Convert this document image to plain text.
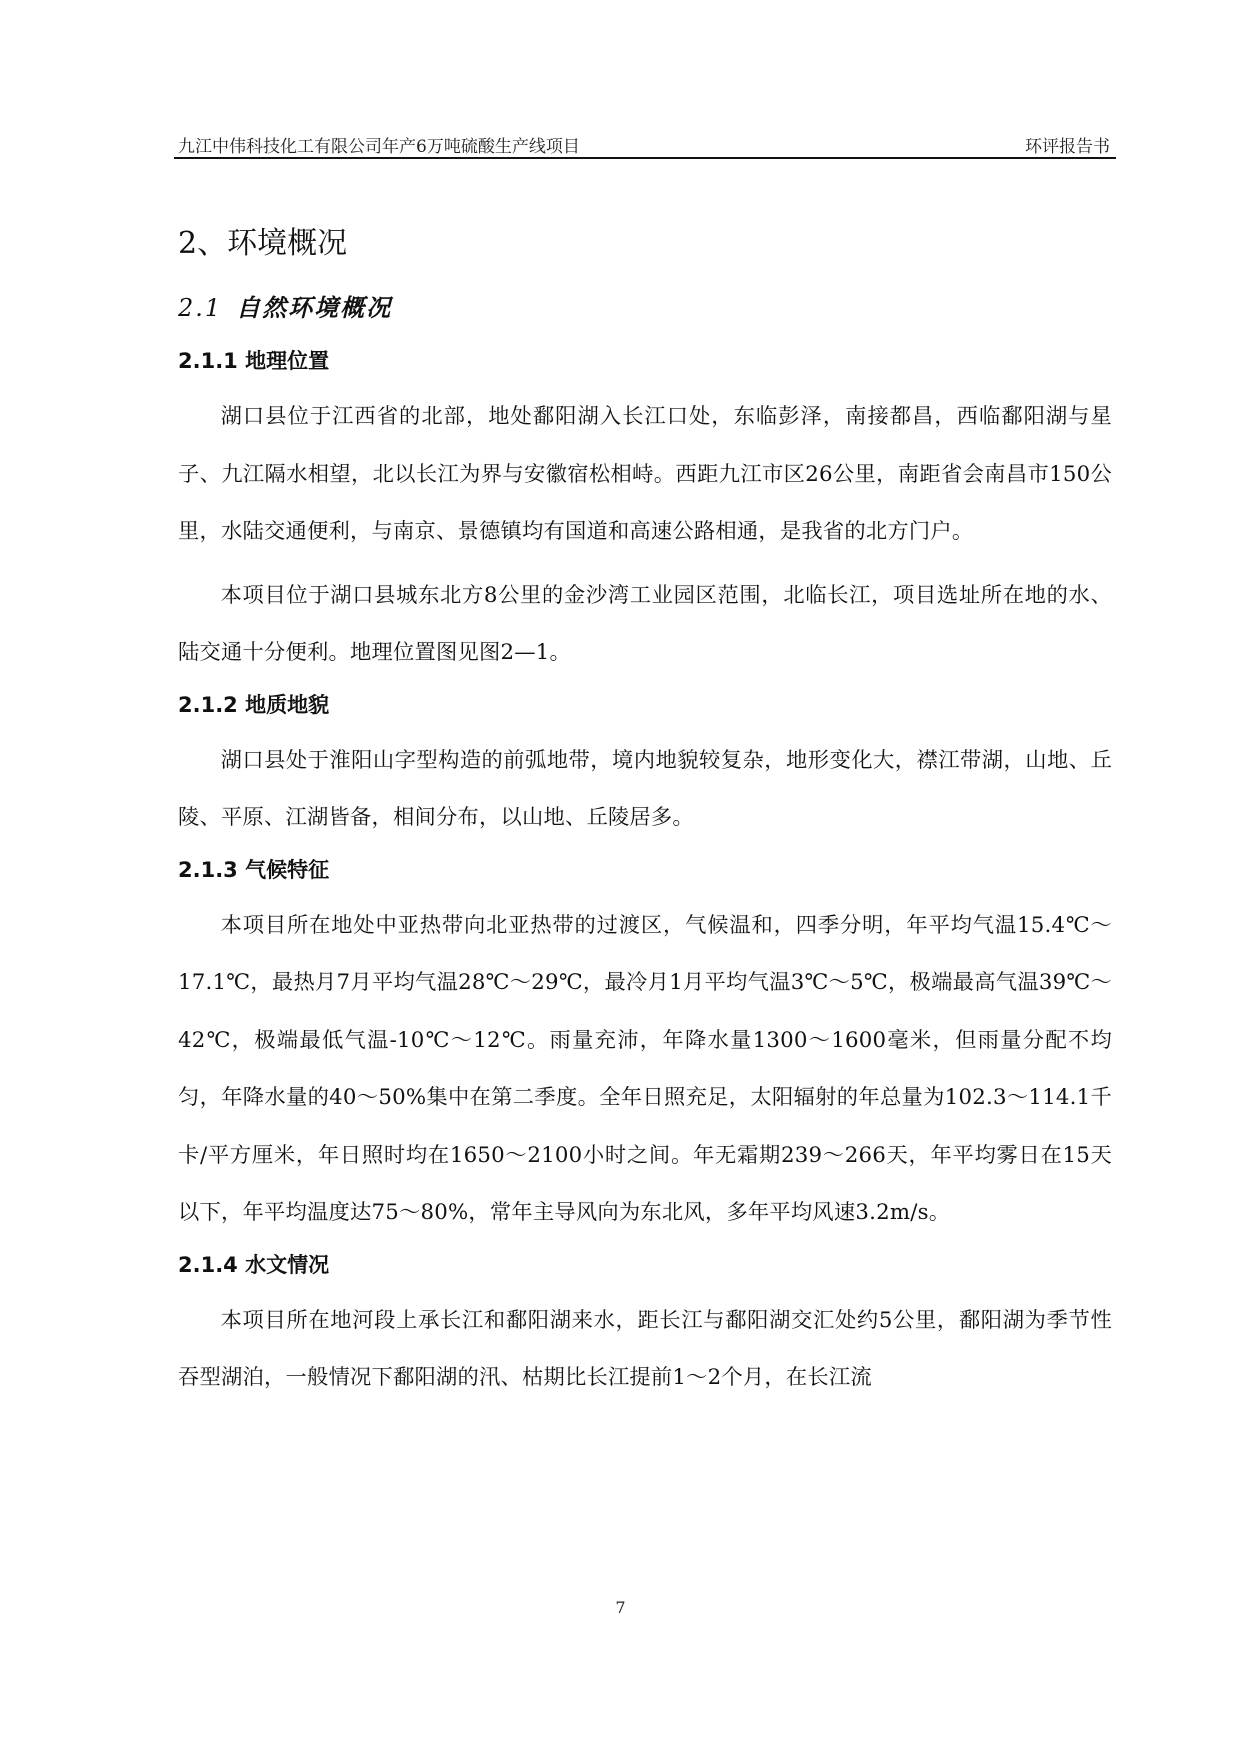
九江中伟科技化工有限公司年产6万吨硫酸生产线项目	环评报告书
2、环境概况
2.1 自然环境概况
2.1.1 地理位置

湖口县位于江西省的北部，地处鄱阳湖入长江口处，东临彭泽，南接都昌，西临鄱阳湖与星子、九江隔水相望，北以长江为界与安徽宿松相峙。西距九江市区26公里，南距省会南昌市150公里，水陆交通便利，与南京、景德镇均有国道和高速公路相通，是我省的北方门户。

本项目位于湖口县城东北方8公里的金沙湾工业园区范围，北临长江，项目选址所在地的水、陆交通十分便利。地理位置图见图2—1。

2.1.2 地质地貌

湖口县处于淮阳山字型构造的前弧地带，境内地貌较复杂，地形变化大，襟江带湖，山地、丘陵、平原、江湖皆备，相间分布，以山地、丘陵居多。

2.1.3 气候特征

本项目所在地处中亚热带向北亚热带的过渡区，气候温和，四季分明，年平均气温15.4℃～17.1℃，最热月7月平均气温28℃～29℃，最冷月1月平均气温3℃～5℃，极端最高气温39℃～42℃，极端最低气温-10℃～12℃。雨量充沛，年降水量1300～1600毫米，但雨量分配不均匀，年降水量的40～50%集中在第二季度。全年日照充足，太阳辐射的年总量为102.3～114.1千卡/平方厘米，年日照时均在1650～2100小时之间。年无霜期239～266天，年平均雾日在15天以下，年平均温度达75～80%，常年主导风向为东北风，多年平均风速3.2m/s。

2.1.4 水文情况

本项目所在地河段上承长江和鄱阳湖来水，距长江与鄱阳湖交汇处约5公里，鄱阳湖为季节性吞型湖泊，一般情况下鄱阳湖的汛、枯期比长江提前1～2个月，在长江流

7
